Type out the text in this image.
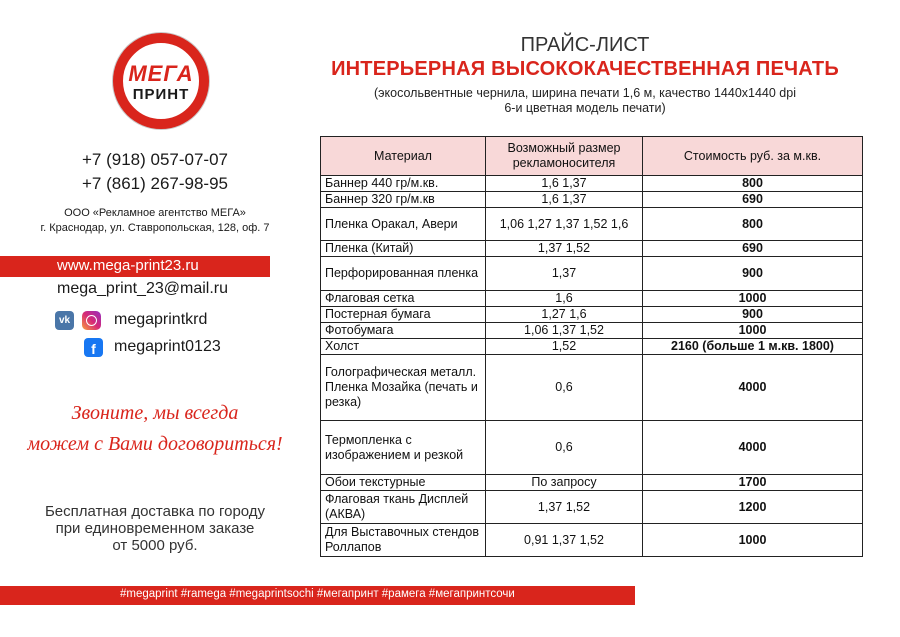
МЕГА
ПРИНТ
ПРАЙС-ЛИСТ
ИНТЕРЬЕРНАЯ ВЫСОКОКАЧЕСТВЕННАЯ ПЕЧАТЬ
(экосольвентные чернила, ширина печати 1,6 м, качество 1440х1440 dpi
6-и цветная модель печати)
+7 (918) 057-07-07
+7 (861) 267-98-95
ООО «Рекламное агентство МЕГА»
г. Краснодар, ул. Ставропольская, 128, оф. 7
www.mega-print23.ru
mega_print_23@mail.ru
vk	megaprintkrd
f	megaprint0123
Звоните, мы всегда
можем с Вами договориться!
Бесплатная доставка по городу
при единовременном заказе
от 5000 руб.
#megaprint #ramega #megaprintsochi #мегапринт #рамега #мегапринтсочи
Материал	Возможный размер рекламоносителя	Стоимость руб. за м.кв.
Баннер 440 гр/м.кв.	1,6 1,37	800
Баннер 320 гр/м.кв	1,6 1,37	690
Пленка Оракал, Авери	1,06 1,27 1,37 1,52 1,6	800
Пленка (Китай)	1,37 1,52	690
Перфорированная пленка	1,37	900
Флаговая сетка	1,6	1000
Постерная бумага	1,27 1,6	900
Фотобумага	1,06 1,37 1,52	1000
Холст	1,52	2160 (больше 1 м.кв. 1800)
Голографическая металл. Пленка Мозайка (печать и резка)	0,6	4000
Термопленка с изображением и резкой	0,6	4000
Обои текстурные	По запросу	1700
Флаговая ткань Дисплей (АКВА)	1,37 1,52	1200
Для Выставочных стендов Роллапов	0,91 1,37 1,52	1000
